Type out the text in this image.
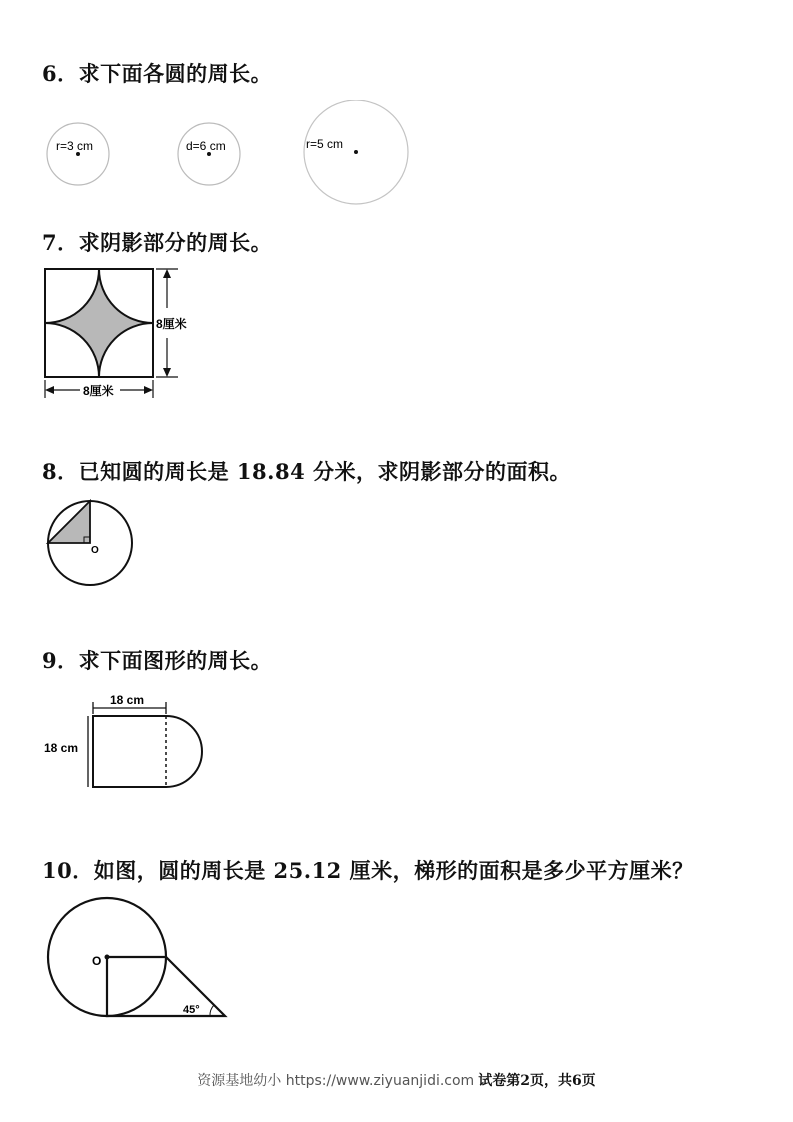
6．求下面各圆的周长。

r=3 cm	d=6 cm	r=5 cm

7．求阴影部分的周长。

8厘米
8厘米

8．已知圆的周长是 18.84 分米，求阴影部分的面积。

O

9．求下面图形的周长。

18 cm
18 cm

10．如图，圆的周长是 25.12 厘米，梯形的面积是多少平方厘米？

O
45°
资源基地幼小 https://www.ziyuanjidi.com 试卷第2页，共6页
